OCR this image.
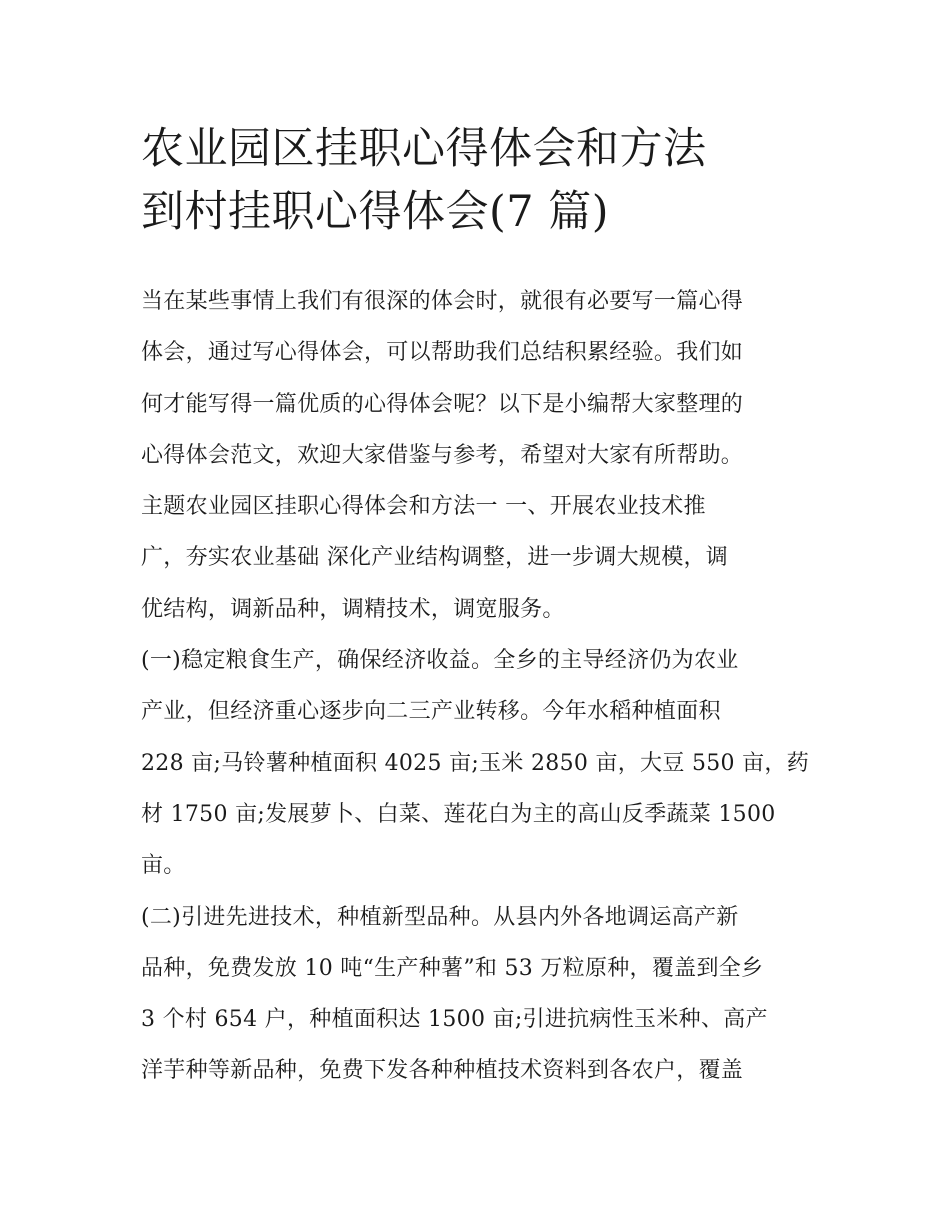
农业园区挂职心得体会和方法
到村挂职心得体会(7 篇)
当在某些事情上我们有很深的体会时，就很有必要写一篇心得
体会，通过写心得体会，可以帮助我们总结积累经验。我们如
何才能写得一篇优质的心得体会呢？以下是小编帮大家整理的
心得体会范文，欢迎大家借鉴与参考，希望对大家有所帮助。
主题农业园区挂职心得体会和方法一 一、开展农业技术推
广，夯实农业基础 深化产业结构调整，进一步调大规模，调
优结构，调新品种，调精技术，调宽服务。
(一)稳定粮食生产，确保经济收益。全乡的主导经济仍为农业
产业，但经济重心逐步向二三产业转移。今年水稻种植面积
228 亩;马铃薯种植面积 4025 亩;玉米 2850 亩，大豆 550 亩，药
材 1750 亩;发展萝卜、白菜、莲花白为主的高山反季蔬菜 1500
亩。
(二)引进先进技术，种植新型品种。从县内外各地调运高产新
品种，免费发放 10 吨“生产种薯”和 53 万粒原种，覆盖到全乡
3 个村 654 户，种植面积达 1500 亩;引进抗病性玉米种、高产
洋芋种等新品种，免费下发各种种植技术资料到各农户，覆盖
